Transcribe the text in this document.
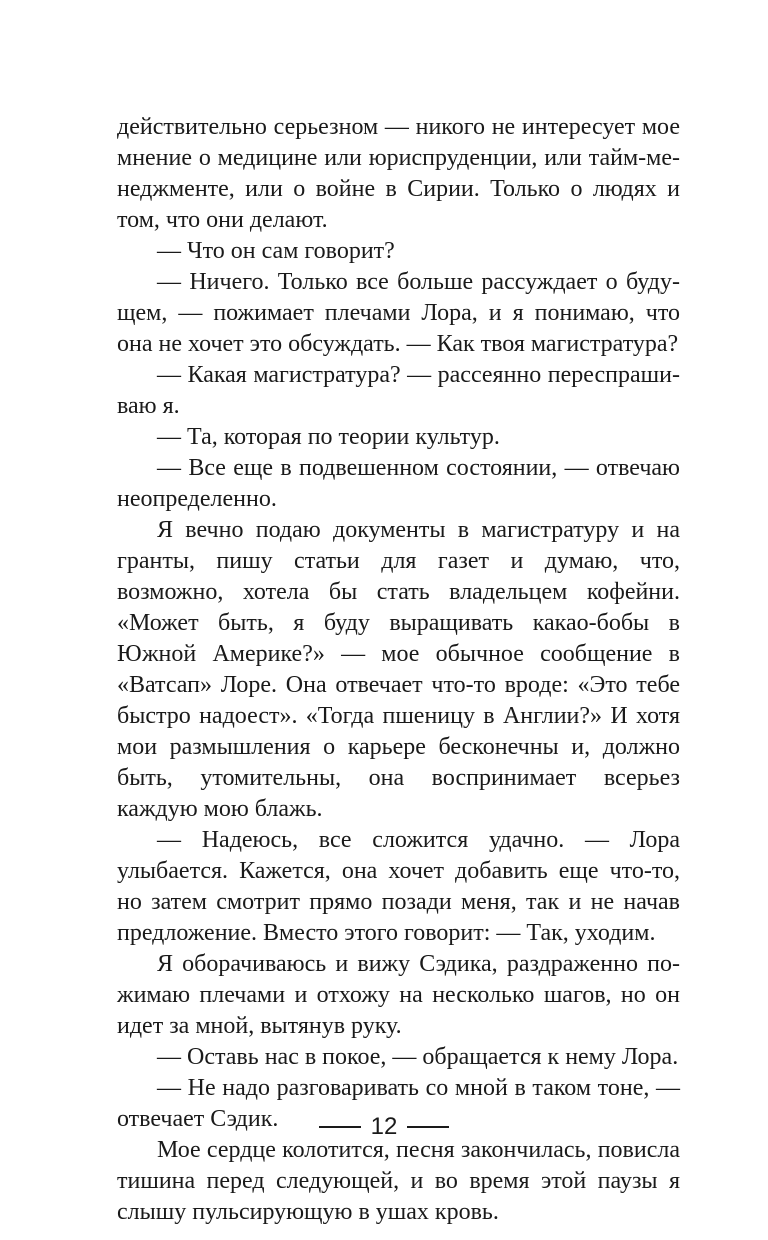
действительно серьезном — никого не интересует мое мнение о медицине или юриспруденции, или тайм-менеджменте, или о войне в Сирии. Только о людях и том, что они делают.

— Что он сам говорит?

— Ничего. Только все больше рассуждает о будущем, — пожимает плечами Лора, и я понимаю, что она не хочет это обсуждать. — Как твоя магистратура?

— Какая магистратура? — рассеянно переспрашиваю я.

— Та, которая по теории культур.

— Все еще в подвешенном состоянии, — отвечаю неопределенно.

Я вечно подаю документы в магистратуру и на гранты, пишу статьи для газет и думаю, что, возможно, хотела бы стать владельцем кофейни. «Может быть, я буду выращивать какао-бобы в Южной Америке?» — мое обычное сообщение в «Ватсап» Лоре. Она отвечает что-то вроде: «Это тебе быстро надоест». «Тогда пшеницу в Англии?» И хотя мои размышления о карьере бесконечны и, должно быть, утомительны, она воспринимает всерьез каждую мою блажь.

— Надеюсь, все сложится удачно. — Лора улыбается. Кажется, она хочет добавить еще что-то, но затем смотрит прямо позади меня, так и не начав предложение. Вместо этого говорит: — Так, уходим.

Я оборачиваюсь и вижу Сэдика, раздраженно пожимаю плечами и отхожу на несколько шагов, но он идет за мной, вытянув руку.

— Оставь нас в покое, — обращается к нему Лора.

— Не надо разговаривать со мной в таком тоне, — отвечает Сэдик.

Мое сердце колотится, песня закончилась, повисла тишина перед следующей, и во время этой паузы я слышу пульсирующую в ушах кровь.

12
